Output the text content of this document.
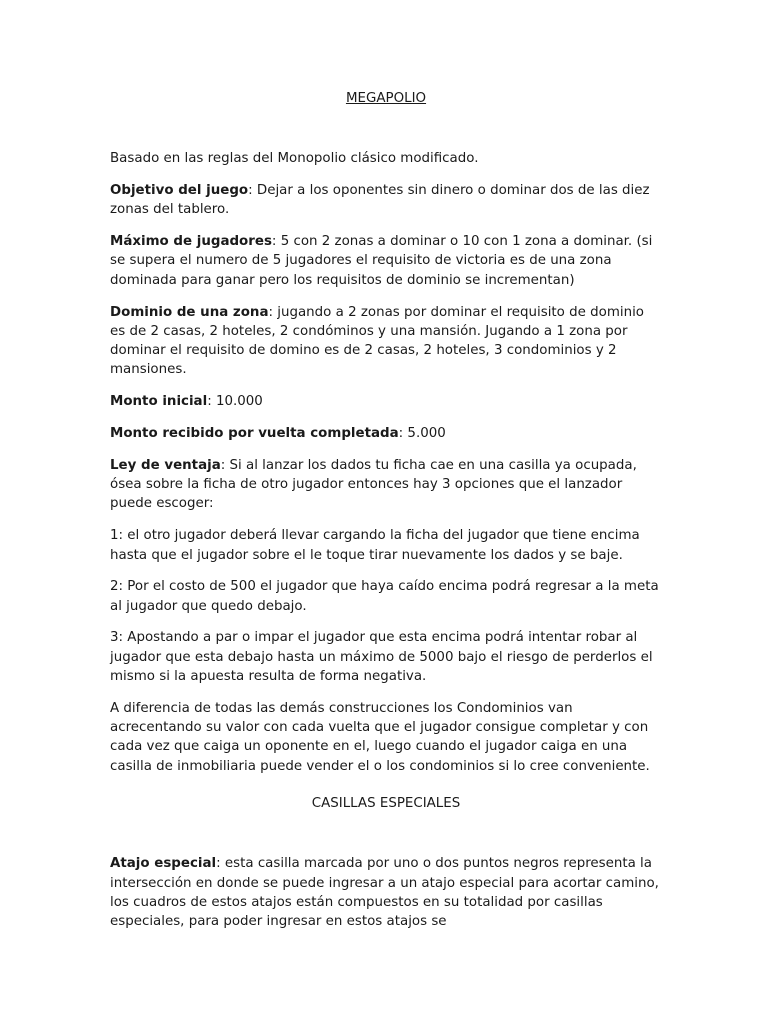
MEGAPOLIO

Basado en las reglas del Monopolio clásico modificado.

Objetivo del juego: Dejar a los oponentes sin dinero o dominar dos de las diez zonas del tablero.

Máximo de jugadores: 5 con 2 zonas a dominar o 10 con 1 zona a dominar. (si se supera el numero de 5 jugadores el requisito de victoria es de una zona dominada para ganar pero los requisitos de dominio se incrementan)

Dominio de una zona: jugando a 2 zonas por dominar el requisito de dominio es de 2 casas, 2 hoteles, 2 condóminos y una mansión. Jugando a 1 zona por dominar el requisito de domino es de 2 casas, 2 hoteles, 3 condominios y 2 mansiones.

Monto inicial: 10.000

Monto recibido por vuelta completada: 5.000

Ley de ventaja: Si al lanzar los dados tu ficha cae en una casilla ya ocupada, ósea sobre la ficha de otro jugador entonces hay 3 opciones que el lanzador puede escoger:

1: el otro jugador deberá llevar cargando la ficha del jugador que tiene encima hasta que el jugador sobre el le toque tirar nuevamente los dados y se baje.

2: Por el costo de 500 el jugador que haya caído encima podrá regresar a la meta al jugador que quedo debajo.

3: Apostando a par o impar el jugador que esta encima podrá intentar robar al jugador que esta debajo hasta un máximo de 5000 bajo el riesgo de perderlos el mismo si la apuesta resulta de forma negativa.

A diferencia de todas las demás construcciones los Condominios van acrecentando su valor con cada vuelta que el jugador consigue completar y con cada vez que caiga un oponente en el, luego cuando el jugador caiga en una casilla de inmobiliaria puede vender el o los condominios si lo cree conveniente.

CASILLAS ESPECIALES

Atajo especial: esta casilla marcada por uno o dos puntos negros representa la intersección en donde se puede ingresar a un atajo especial para acortar camino, los cuadros de estos atajos están compuestos en su totalidad por casillas especiales, para poder ingresar en estos atajos se
